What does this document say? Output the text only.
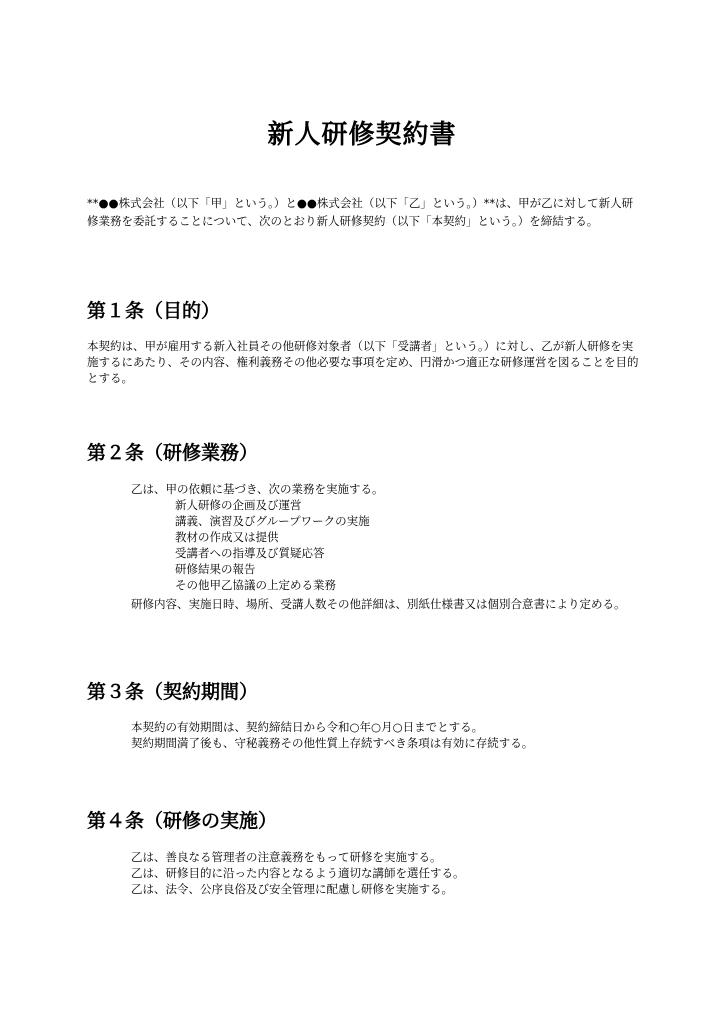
新人研修契約書
**●●株式会社（以下「甲」という。）と●●株式会社（以下「乙」という。）**は、甲が乙に対して新人研修業務を委託することについて、次のとおり新人研修契約（以下「本契約」という。）を締結する。
第１条（目的）
本契約は、甲が雇用する新入社員その他研修対象者（以下「受講者」という。）に対し、乙が新人研修を実施するにあたり、その内容、権利義務その他必要な事項を定め、円滑かつ適正な研修運営を図ることを目的とする。
第２条（研修業務）
乙は、甲の依頼に基づき、次の業務を実施する。
新人研修の企画及び運営
講義、演習及びグループワークの実施
教材の作成又は提供
受講者への指導及び質疑応答
研修結果の報告
その他甲乙協議の上定める業務
研修内容、実施日時、場所、受講人数その他詳細は、別紙仕様書又は個別合意書により定める。
第３条（契約期間）
本契約の有効期間は、契約締結日から令和○年○月○日までとする。
契約期間満了後も、守秘義務その他性質上存続すべき条項は有効に存続する。
第４条（研修の実施）
乙は、善良なる管理者の注意義務をもって研修を実施する。
乙は、研修目的に沿った内容となるよう適切な講師を選任する。
乙は、法令、公序良俗及び安全管理に配慮し研修を実施する。
